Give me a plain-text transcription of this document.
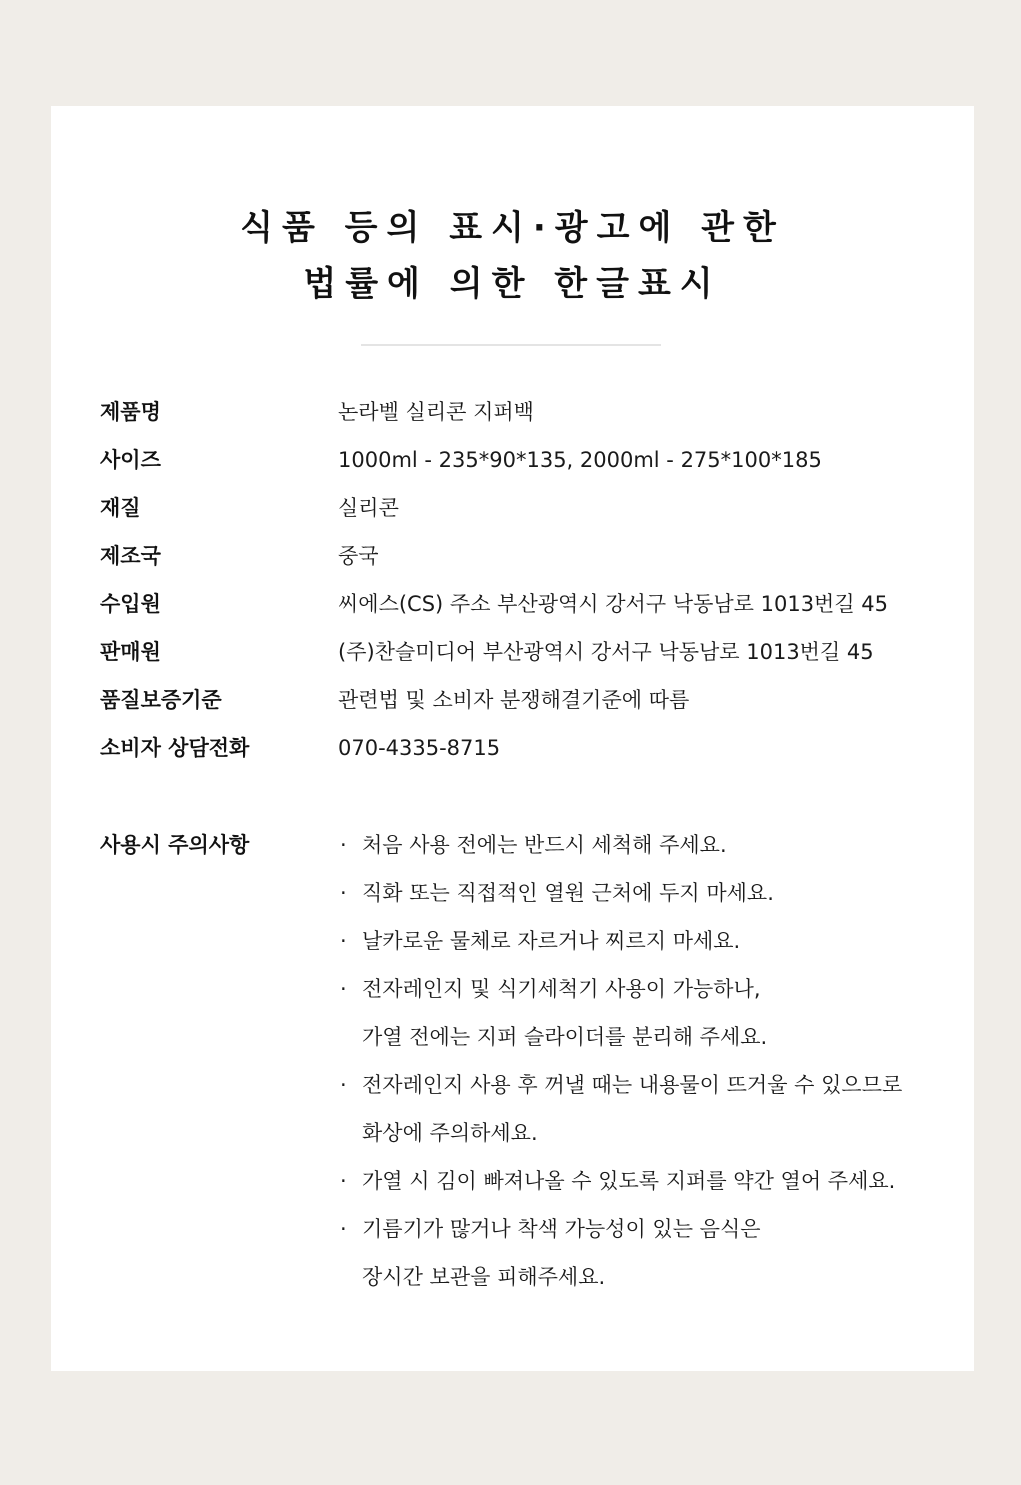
식품 등의 표시·광고에 관한
법률에 의한 한글표시
제품명	논라벨 실리콘 지퍼백
사이즈	1000ml - 235*90*135, 2000ml - 275*100*185
재질	실리콘
제조국	중국
수입원	씨에스(CS) 주소 부산광역시 강서구 낙동남로 1013번길 45
판매원	(주)찬슬미디어 부산광역시 강서구 낙동남로 1013번길 45
품질보증기준	관련법 및 소비자 분쟁해결기준에 따름
소비자 상담전화	070-4335-8715
사용시 주의사항	· 처음 사용 전에는 반드시 세척해 주세요.
· 직화 또는 직접적인 열원 근처에 두지 마세요.
· 날카로운 물체로 자르거나 찌르지 마세요.
· 전자레인지 및 식기세척기 사용이 가능하나,
가열 전에는 지퍼 슬라이더를 분리해 주세요.
· 전자레인지 사용 후 꺼낼 때는 내용물이 뜨거울 수 있으므로
화상에 주의하세요.
· 가열 시 김이 빠져나올 수 있도록 지퍼를 약간 열어 주세요.
· 기름기가 많거나 착색 가능성이 있는 음식은
장시간 보관을 피해주세요.
